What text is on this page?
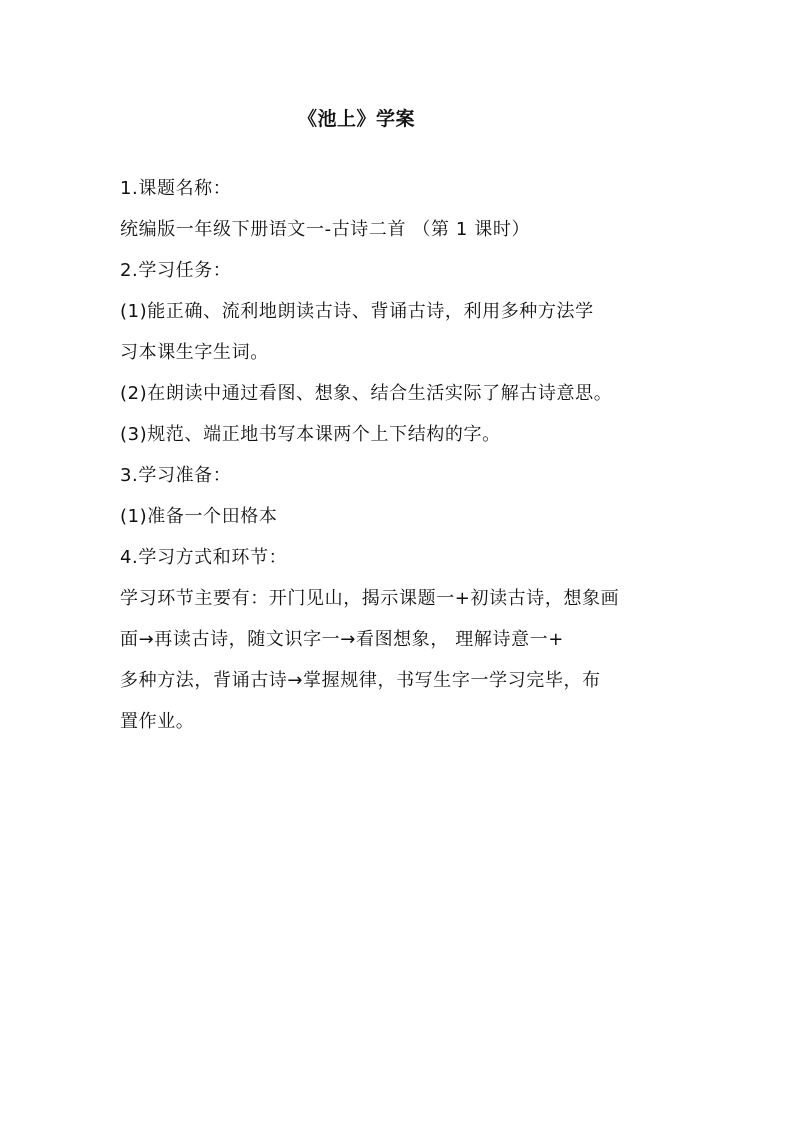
《池上》学案
1.课题名称：
统编版一年级下册语文一-古诗二首 （第 1 课时）
2.学习任务：
(1)能正确、流利地朗读古诗、背诵古诗，利用多种方法学
习本课生字生词。
(2)在朗读中通过看图、想象、结合生活实际了解古诗意思。
(3)规范、端正地书写本课两个上下结构的字。
3.学习准备：
(1)准备一个田格本
4.学习方式和环节：
学习环节主要有：开门见山，揭示课题一+初读古诗，想象画
面→再读古诗，随文识字一→看图想象， 理解诗意一+
多种方法，背诵古诗→掌握规律，书写生字一学习完毕，布
置作业。
